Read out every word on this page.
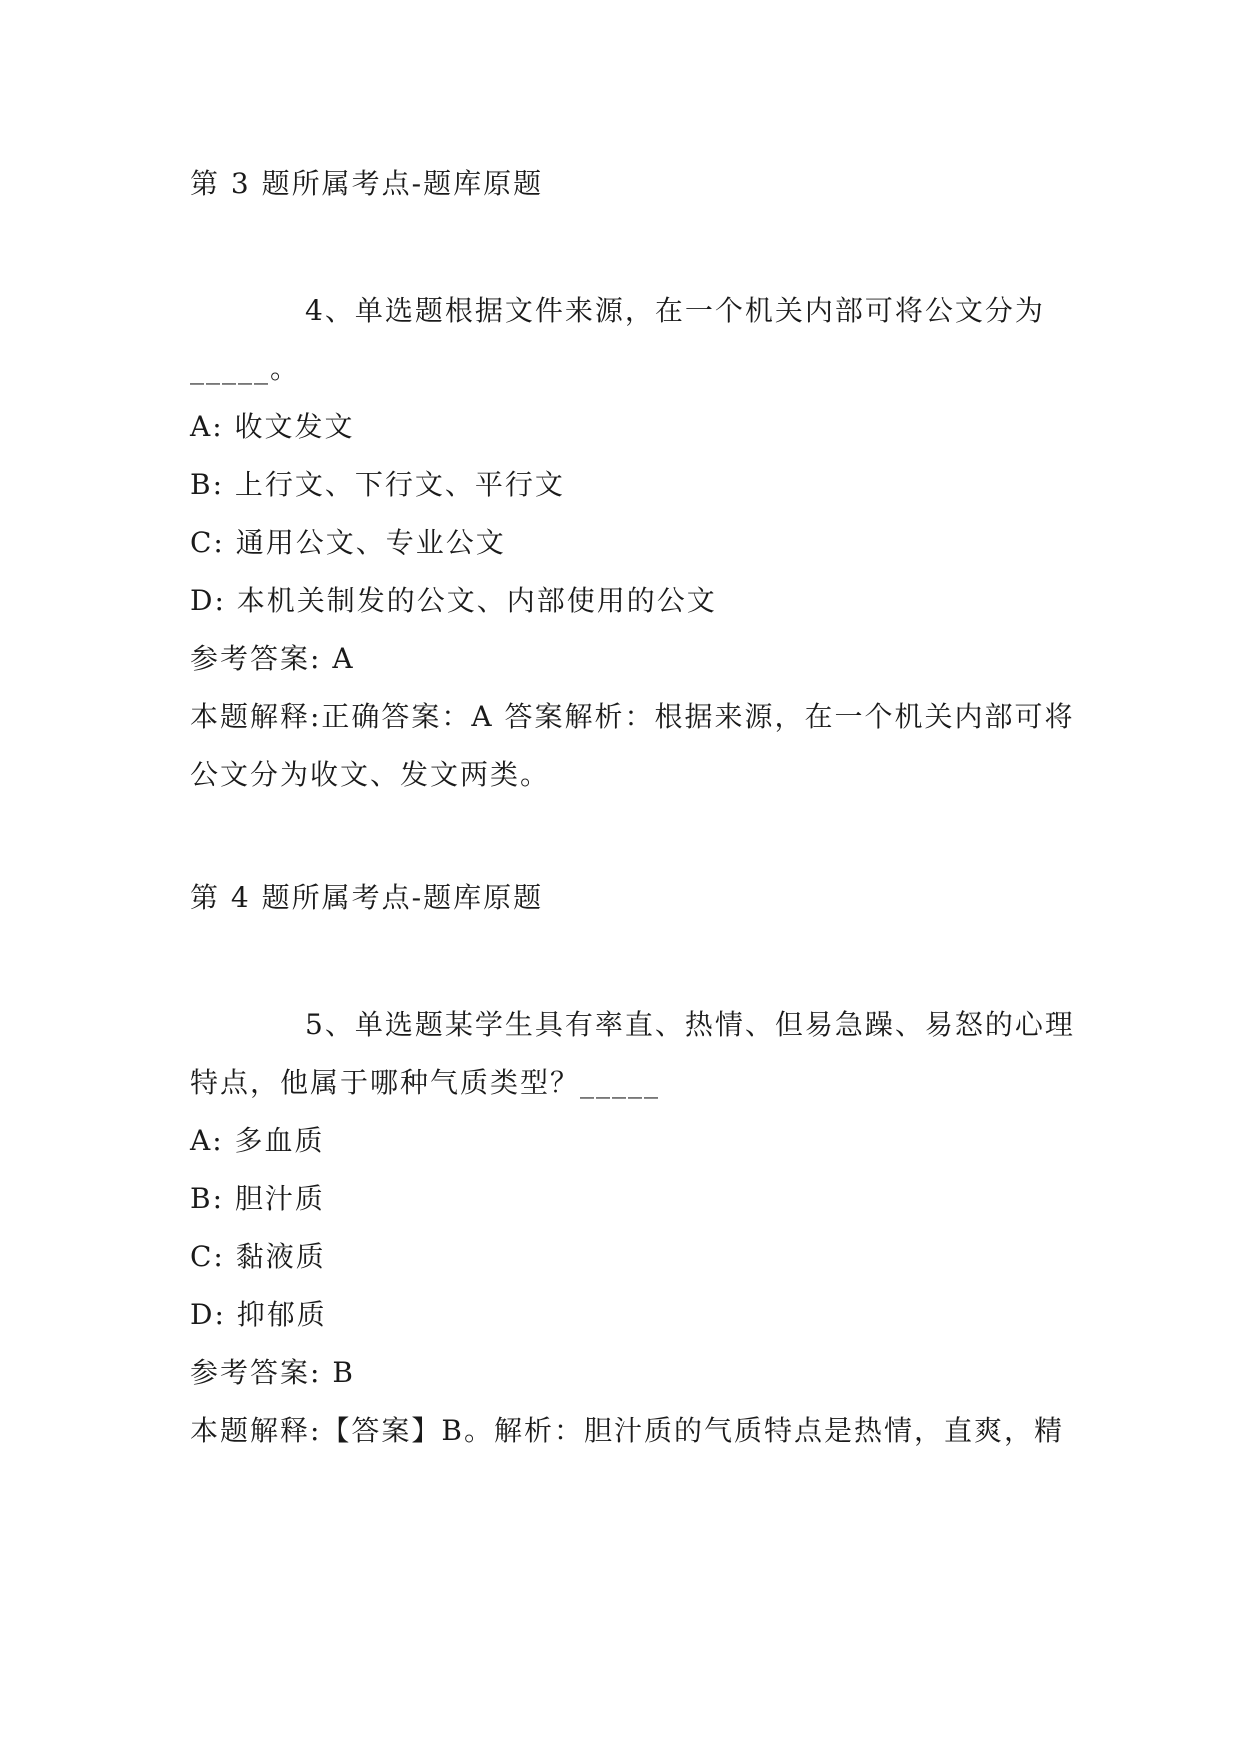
第 3 题所属考点-题库原题
4、单选题根据文件来源，在一个机关内部可将公文分为
_____。
A: 收文发文
B: 上行文、下行文、平行文
C: 通用公文、专业公文
D: 本机关制发的公文、内部使用的公文
参考答案: A
本题解释:正确答案：A 答案解析：根据来源，在一个机关内部可将
公文分为收文、发文两类。
第 4 题所属考点-题库原题
5、单选题某学生具有率直、热情、但易急躁、易怒的心理
特点，他属于哪种气质类型？_____
A: 多血质
B: 胆汁质
C: 黏液质
D: 抑郁质
参考答案: B
本题解释:【答案】B。解析：胆汁质的气质特点是热情，直爽，精
